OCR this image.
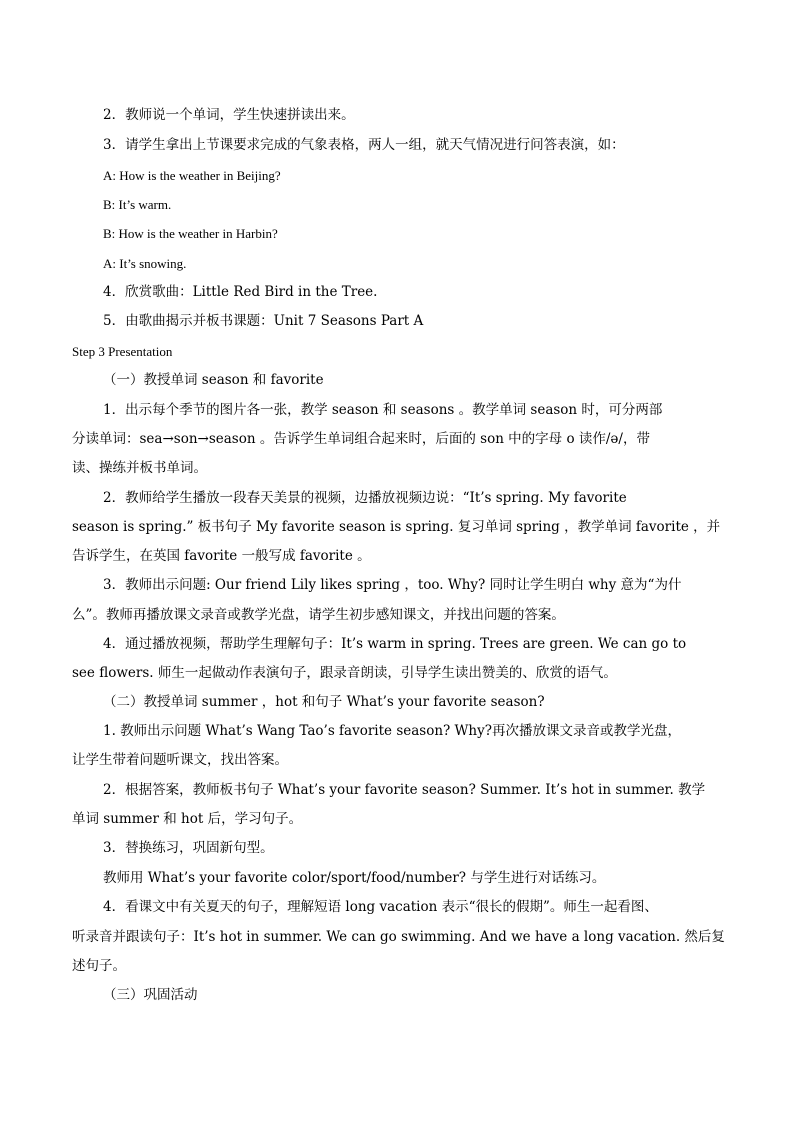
2．教师说一个单词，学生快速拼读出来。
3．请学生拿出上节课要求完成的气象表格，两人一组，就天气情况进行问答表演，如：
A: How is the weather in Beijing?
B: It’s warm.
B: How is the weather in Harbin?
A: It’s snowing.
4．欣赏歌曲：Little Red Bird in the Tree.
5．由歌曲揭示并板书课题：Unit 7 Seasons Part A
Step 3 Presentation
（一）教授单词 season 和 favorite
1．出示每个季节的图片各一张，教学 season 和 seasons 。教学单词 season 时，可分两部
分读单词：sea→son→season 。告诉学生单词组合起来时，后面的 son 中的字母 o 读作/ə/，带
读、操练并板书单词。
2．教师给学生播放一段春天美景的视频，边播放视频边说：“It’s spring. My favorite
season is spring.” 板书句子 My favorite season is spring. 复习单词 spring ，教学单词 favorite ，并
告诉学生，在英国 favorite 一般写成 favorite 。
3．教师出示问题: Our friend Lily likes spring ，too. Why? 同时让学生明白 why 意为“为什
么”。教师再播放课文录音或教学光盘，请学生初步感知课文，并找出问题的答案。
4．通过播放视频，帮助学生理解句子：It’s warm in spring. Trees are green. We can go to
see flowers. 师生一起做动作表演句子，跟录音朗读，引导学生读出赞美的、欣赏的语气。
（二）教授单词 summer ，hot 和句子 What’s your favorite season?
1. 教师出示问题 What’s Wang Tao’s favorite season? Why?再次播放课文录音或教学光盘，
让学生带着问题听课文，找出答案。
2．根据答案，教师板书句子 What’s your favorite season? Summer. It’s hot in summer. 教学
单词 summer 和 hot 后，学习句子。
3．替换练习，巩固新句型。
教师用 What’s your favorite color/sport/food/number? 与学生进行对话练习。
4．看课文中有关夏天的句子，理解短语 long vacation 表示“很长的假期”。师生一起看图、
听录音并跟读句子：It’s hot in summer. We can go swimming. And we have a long vacation. 然后复
述句子。
（三）巩固活动
